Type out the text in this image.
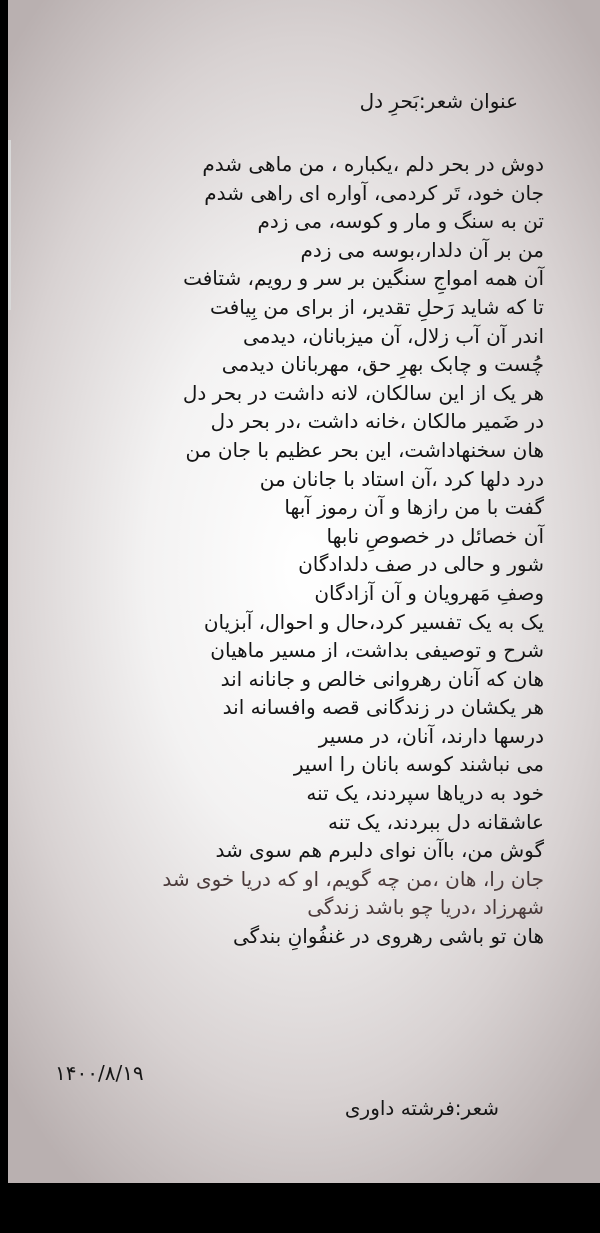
عنوان شعر:بَحرِ دل
دوش در بحر دلم ،یکباره ، من ماهی شدم
جان خود، تَر کردمی، آواره ای راهی شدم
تن به سنگ و مار و کوسه، می زدم
من بر آن دلدار،بوسه می زدم
آن همه امواجِ سنگین بر سر و رویم، شتافت
تا که شاید رَحلِ تقدیر، از برای من بِیافت
اندر آن آب زلال، آن میزبانان، دیدمی
چُست و چابک بهرِ حق، مهربانان دیدمی
هر یک از این سالکان، لانه داشت در بحر دل
در ضَمیر مالکان ،خانه داشت ،در بحر دل
هان سخنهاداشت، این بحر عظیم با جان من
درد دلها کرد ،آن استاد با جانان من
گفت با من رازها و آن رموز آبها
آن خصائل در خصوصِ نابها
شور و حالی در صف دلدادگان
وصفِ مَهرویان و آن آزادگان
یک به یک تفسیر کرد،حال و احوال، آبزیان
شرح و توصیفی بداشت، از مسیر ماهیان
هان که آنان رهروانی خالص و جانانه اند
هر یکشان در زندگانی قصه وافسانه اند
درسها دارند، آنان، در مسیر
می نباشند کوسه بانان را اسیر
خود به دریاها سپردند، یک تنه
عاشقانه دل ببردند، یک تنه
گوش من، باآن نوای دلبرم هم سوی شد
جان را، هان ،من چه گویم، او که دریا خوی شد
شهرزاد ،دریا چو باشد زندگی
هان تو باشی رهروی در غنفُوانِ بندگی
۱۴۰۰/۸/۱۹
شعر:فرشته داوری
